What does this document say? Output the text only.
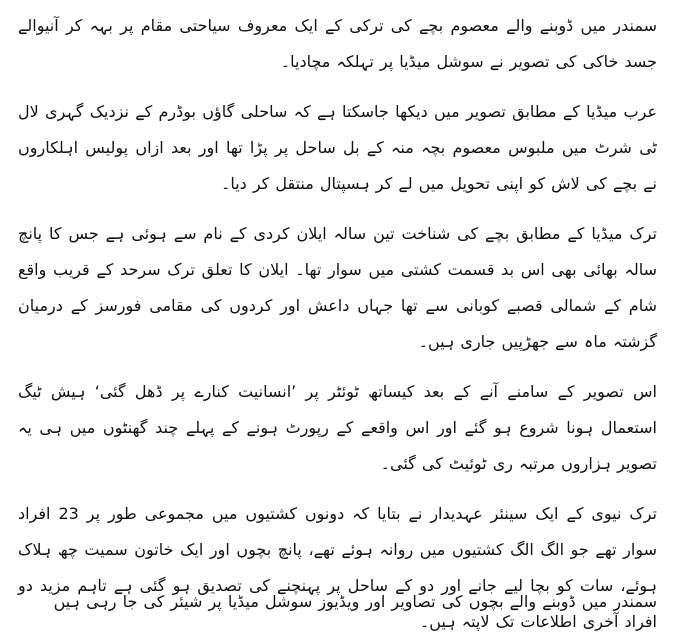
سمندر میں ڈوبنے والے معصوم بچے کی ترکی کے ایک معروف سیاحتی مقام پر بہہ کر آنیوالے جسد خاکی کی تصویر نے سوشل میڈیا پر تہلکہ مچادیا۔

عرب میڈیا کے مطابق تصویر میں دیکھا جاسکتا ہے کہ ساحلی گاؤں بوڈرم کے نزدیک گہری لال ٹی شرٹ میں ملبوس معصوم بچہ منہ کے بل ساحل پر پڑا تھا اور بعد ازاں پولیس اہلکاروں نے بچے کی لاش کو اپنی تحویل میں لے کر ہسپتال منتقل کر دیا۔

ترک میڈیا کے مطابق بچے کی شناخت تین سالہ ایلان کردی کے نام سے ہوئی ہے جس کا پانچ سالہ بھائی بھی اس بد قسمت کشتی میں سوار تھا۔ ایلان کا تعلق ترک سرحد کے قریب واقع شام کے شمالی قصبے کوبانی سے تھا جہاں داعش اور کردوں کی مقامی فورسز کے درمیان گزشتہ ماہ سے جھڑپیں جاری ہیں۔

اس تصویر کے سامنے آنے کے بعد کیساتھ ٹوئٹر پر ’انسانیت کنارے پر ڈھل گئی‘ ہیش ٹیگ استعمال ہونا شروع ہو گئے اور اس واقعے کے رپورٹ ہونے کے پہلے چند گھنٹوں میں ہی یہ تصویر ہزاروں مرتبہ ری ٹوئیٹ کی گئی۔

ترک نیوی کے ایک سینئر عہدیدار نے بتایا کہ دونوں کشتیوں میں مجموعی طور پر 23 افراد سوار تھے جو الگ الگ کشتیوں میں روانہ ہوئے تھے، پانچ بچوں اور ایک خاتون سمیت چھ ہلاک ہوئے، سات کو بچا لیے جانے اور دو کے ساحل پر پہنچنے کی تصدیق ہو گئی ہے تاہم مزید دو افراد آخری اطلاعات تک لاپتہ ہیں۔

سمندر میں ڈوبنے والے بچوں کی تصاویر اور ویڈیوز سوشل میڈیا پر شیئر کی جا رہی ہیں
